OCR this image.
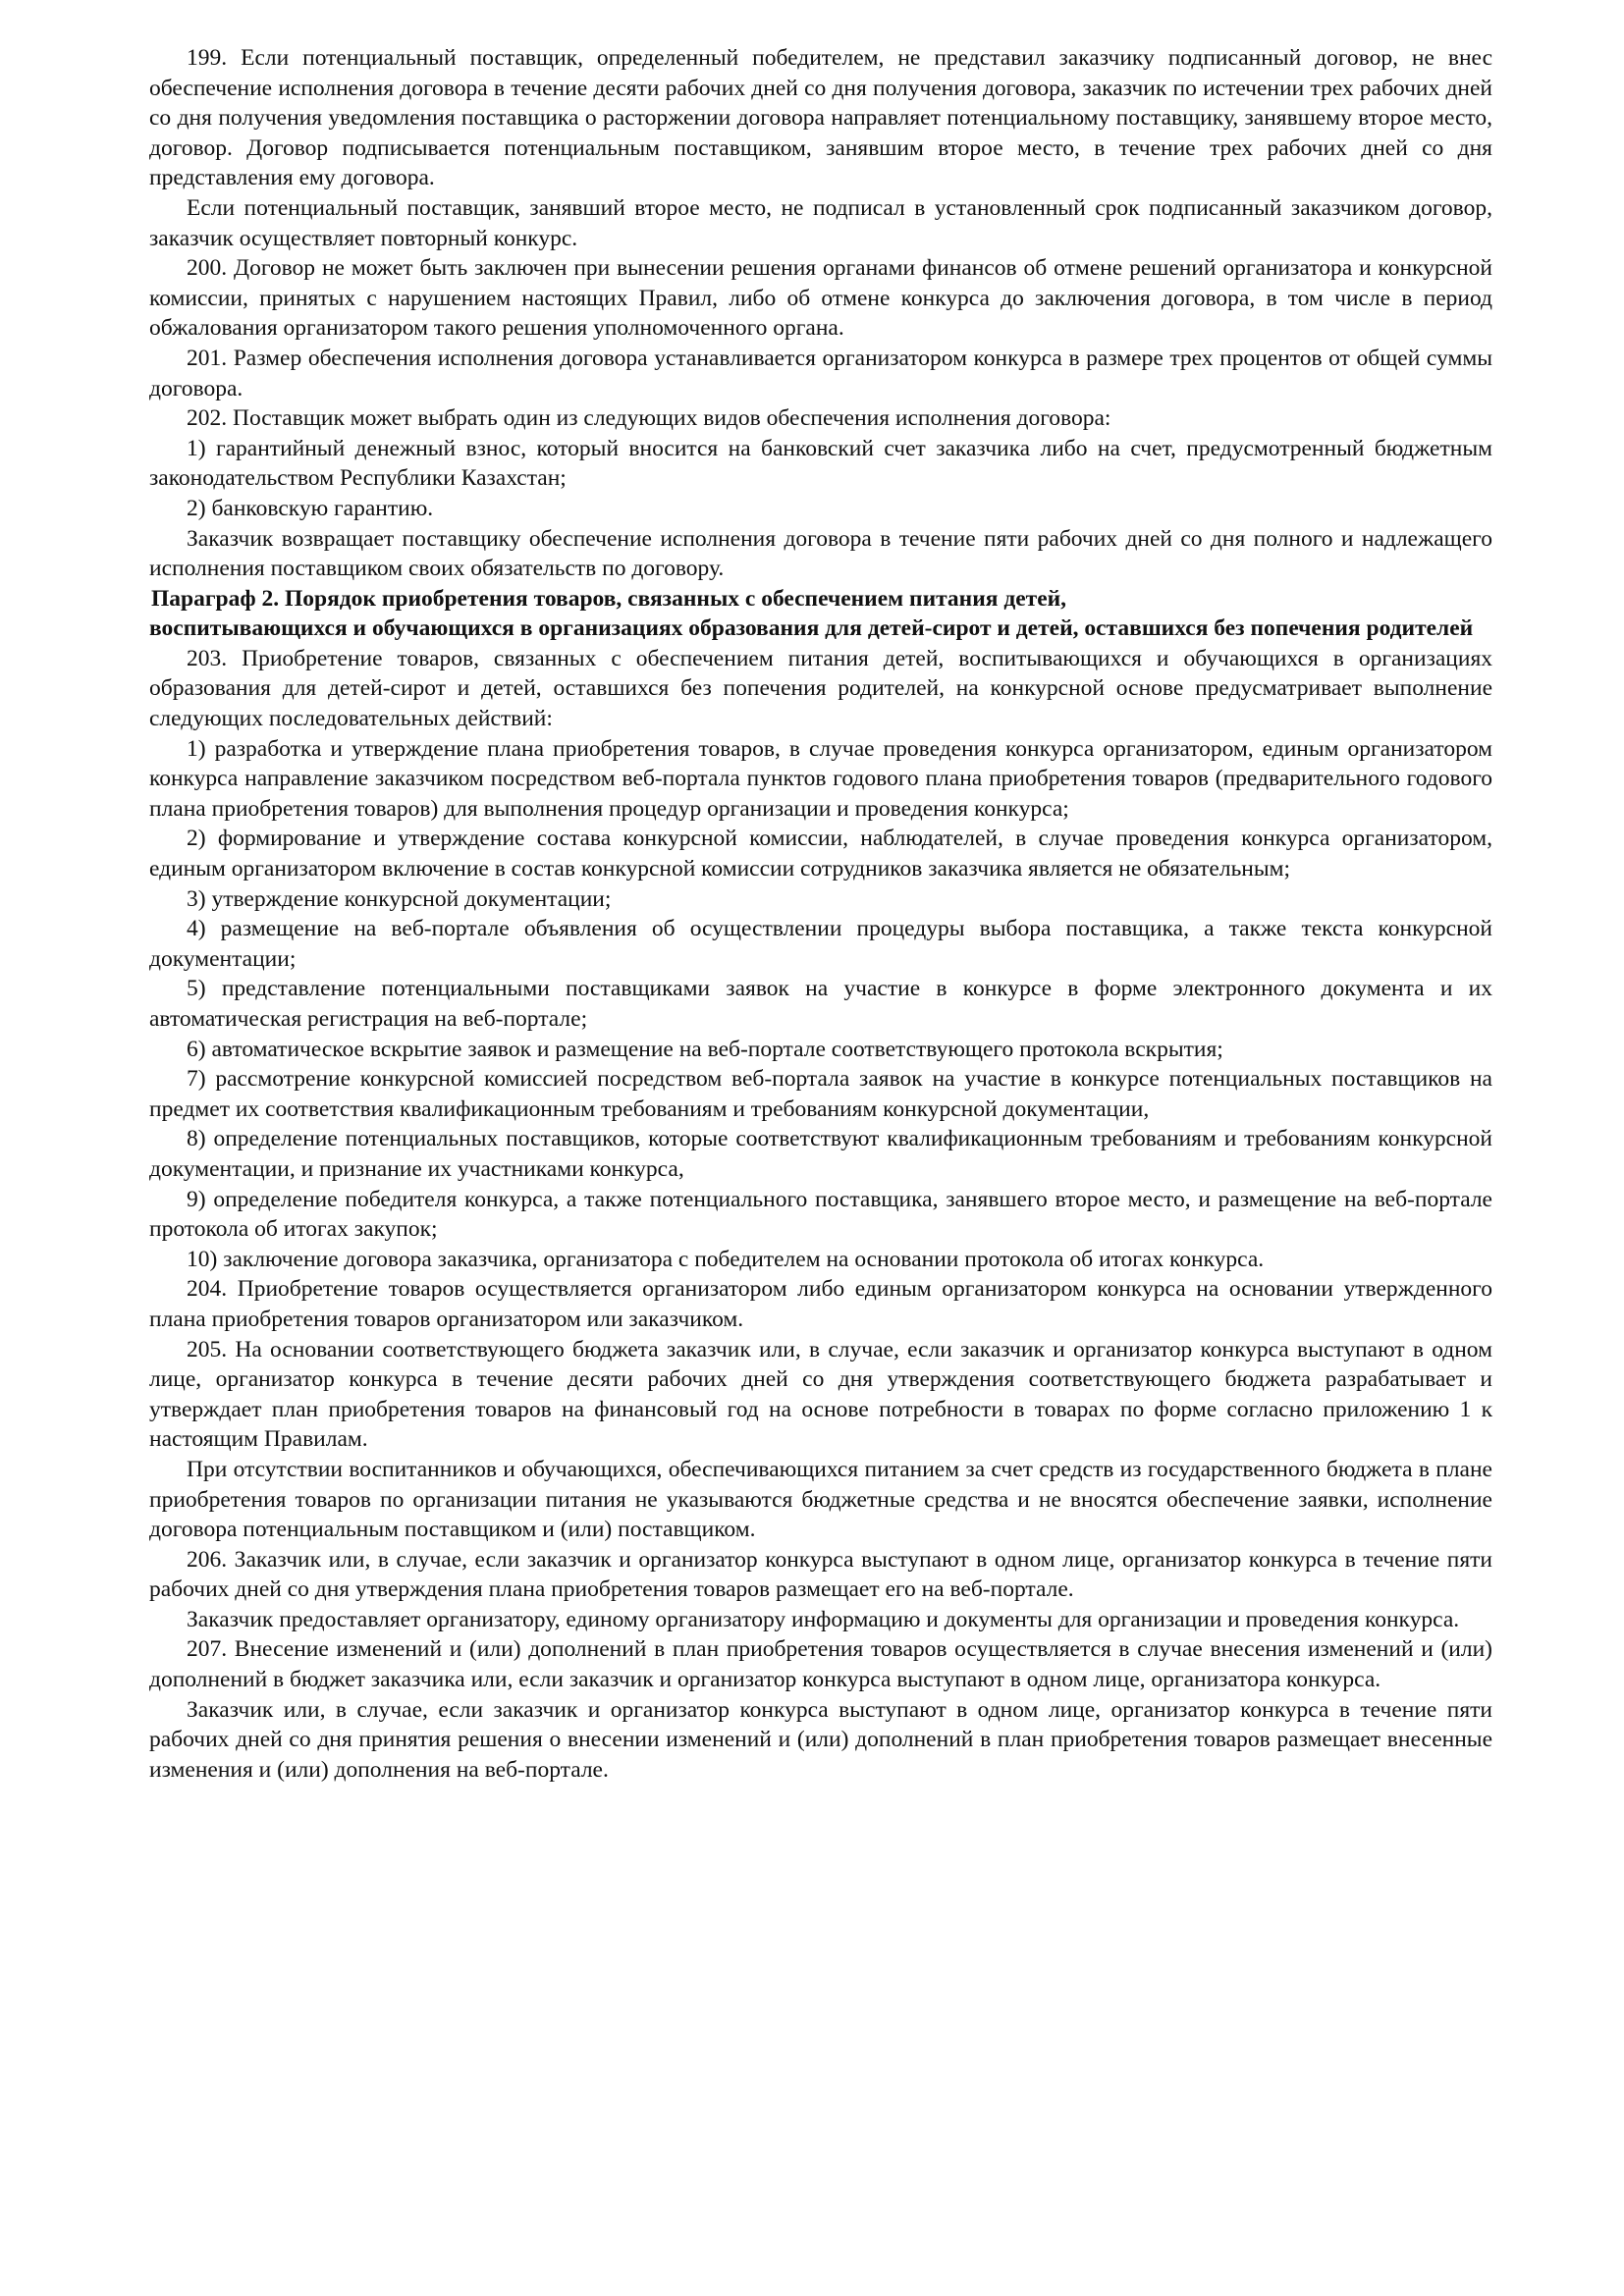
199. Если потенциальный поставщик, определенный победителем, не представил заказчику подписанный договор, не внес обеспечение исполнения договора в течение десяти рабочих дней со дня получения договора, заказчик по истечении трех рабочих дней со дня получения уведомления поставщика о расторжении договора направляет потенциальному поставщику, занявшему второе место, договор. Договор подписывается потенциальным поставщиком, занявшим второе место, в течение трех рабочих дней со дня представления ему договора.

Если потенциальный поставщик, занявший второе место, не подписал в установленный срок подписанный заказчиком договор, заказчик осуществляет повторный конкурс.

200. Договор не может быть заключен при вынесении решения органами финансов об отмене решений организатора и конкурсной комиссии, принятых с нарушением настоящих Правил, либо об отмене конкурса до заключения договора, в том числе в период обжалования организатором такого решения уполномоченного органа.

201. Размер обеспечения исполнения договора устанавливается организатором конкурса в размере трех процентов от общей суммы договора.

202. Поставщик может выбрать один из следующих видов обеспечения исполнения договора:

1) гарантийный денежный взнос, который вносится на банковский счет заказчика либо на счет, предусмотренный бюджетным законодательством Республики Казахстан;

2) банковскую гарантию.

Заказчик возвращает поставщику обеспечение исполнения договора в течение пяти рабочих дней со дня полного и надлежащего исполнения поставщиком своих обязательств по договору.

Параграф 2. Порядок приобретения товаров, связанных с обеспечением питания детей,
воспитывающихся и обучающихся в организациях образования для детей-сирот и детей, оставшихся без попечения родителей

203. Приобретение товаров, связанных с обеспечением питания детей, воспитывающихся и обучающихся в организациях образования для детей-сирот и детей, оставшихся без попечения родителей, на конкурсной основе предусматривает выполнение следующих последовательных действий:

1) разработка и утверждение плана приобретения товаров, в случае проведения конкурса организатором, единым организатором конкурса направление заказчиком посредством веб-портала пунктов годового плана приобретения товаров (предварительного годового плана приобретения товаров) для выполнения процедур организации и проведения конкурса;

2) формирование и утверждение состава конкурсной комиссии, наблюдателей, в случае проведения конкурса организатором, единым организатором включение в состав конкурсной комиссии сотрудников заказчика является не обязательным;

3) утверждение конкурсной документации;

4) размещение на веб-портале объявления об осуществлении процедуры выбора поставщика, а также текста конкурсной документации;

5) представление потенциальными поставщиками заявок на участие в конкурсе в форме электронного документа и их автоматическая регистрация на веб-портале;

6) автоматическое вскрытие заявок и размещение на веб-портале соответствующего протокола вскрытия;

7) рассмотрение конкурсной комиссией посредством веб-портала заявок на участие в конкурсе потенциальных поставщиков на предмет их соответствия квалификационным требованиям и требованиям конкурсной документации,

8) определение потенциальных поставщиков, которые соответствуют квалификационным требованиям и требованиям конкурсной документации, и признание их участниками конкурса,

9) определение победителя конкурса, а также потенциального поставщика, занявшего второе место, и размещение на веб-портале протокола об итогах закупок;

10) заключение договора заказчика, организатора с победителем на основании протокола об итогах конкурса.

204. Приобретение товаров осуществляется организатором либо единым организатором конкурса на основании утвержденного плана приобретения товаров организатором или заказчиком.

205. На основании соответствующего бюджета заказчик или, в случае, если заказчик и организатор конкурса выступают в одном лице, организатор конкурса в течение десяти рабочих дней со дня утверждения соответствующего бюджета разрабатывает и утверждает план приобретения товаров на финансовый год на основе потребности в товарах по форме согласно приложению 1 к настоящим Правилам.

При отсутствии воспитанников и обучающихся, обеспечивающихся питанием за счет средств из государственного бюджета в плане приобретения товаров по организации питания не указываются бюджетные средства и не вносятся обеспечение заявки, исполнение договора потенциальным поставщиком и (или) поставщиком.

206. Заказчик или, в случае, если заказчик и организатор конкурса выступают в одном лице, организатор конкурса в течение пяти рабочих дней со дня утверждения плана приобретения товаров размещает его на веб-портале.

Заказчик предоставляет организатору, единому организатору информацию и документы для организации и проведения конкурса.

207. Внесение изменений и (или) дополнений в план приобретения товаров осуществляется в случае внесения изменений и (или) дополнений в бюджет заказчика или, если заказчик и организатор конкурса выступают в одном лице, организатора конкурса.

Заказчик или, в случае, если заказчик и организатор конкурса выступают в одном лице, организатор конкурса в течение пяти рабочих дней со дня принятия решения о внесении изменений и (или) дополнений в план приобретения товаров размещает внесенные изменения и (или) дополнения на веб-портале.
